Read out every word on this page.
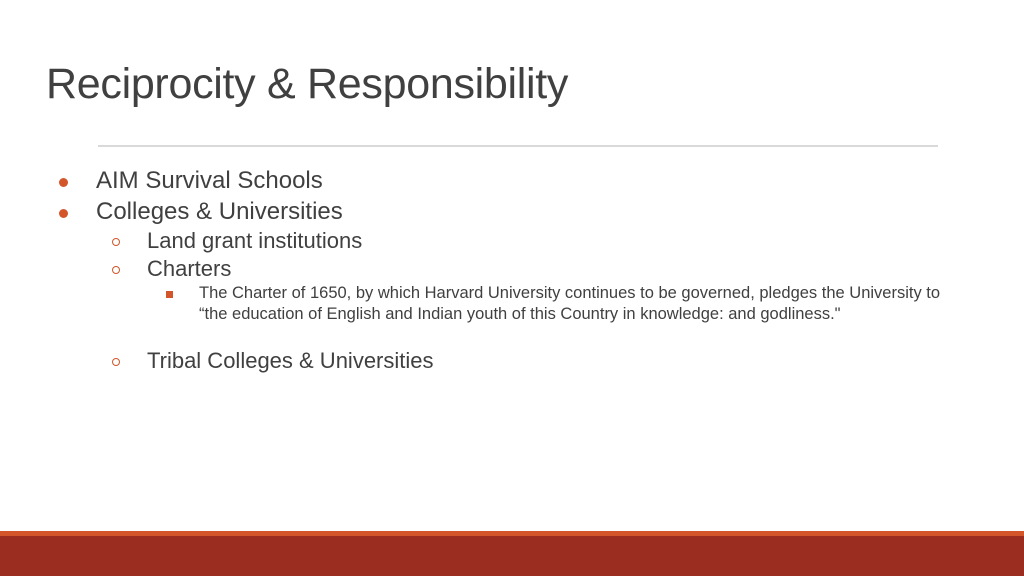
Reciprocity & Responsibility
AIM Survival Schools
Colleges & Universities
Land grant institutions
Charters
The Charter of 1650, by which Harvard University continues to be governed, pledges the University to “the education of English and Indian youth of this Country in knowledge: and godliness."
Tribal Colleges & Universities
